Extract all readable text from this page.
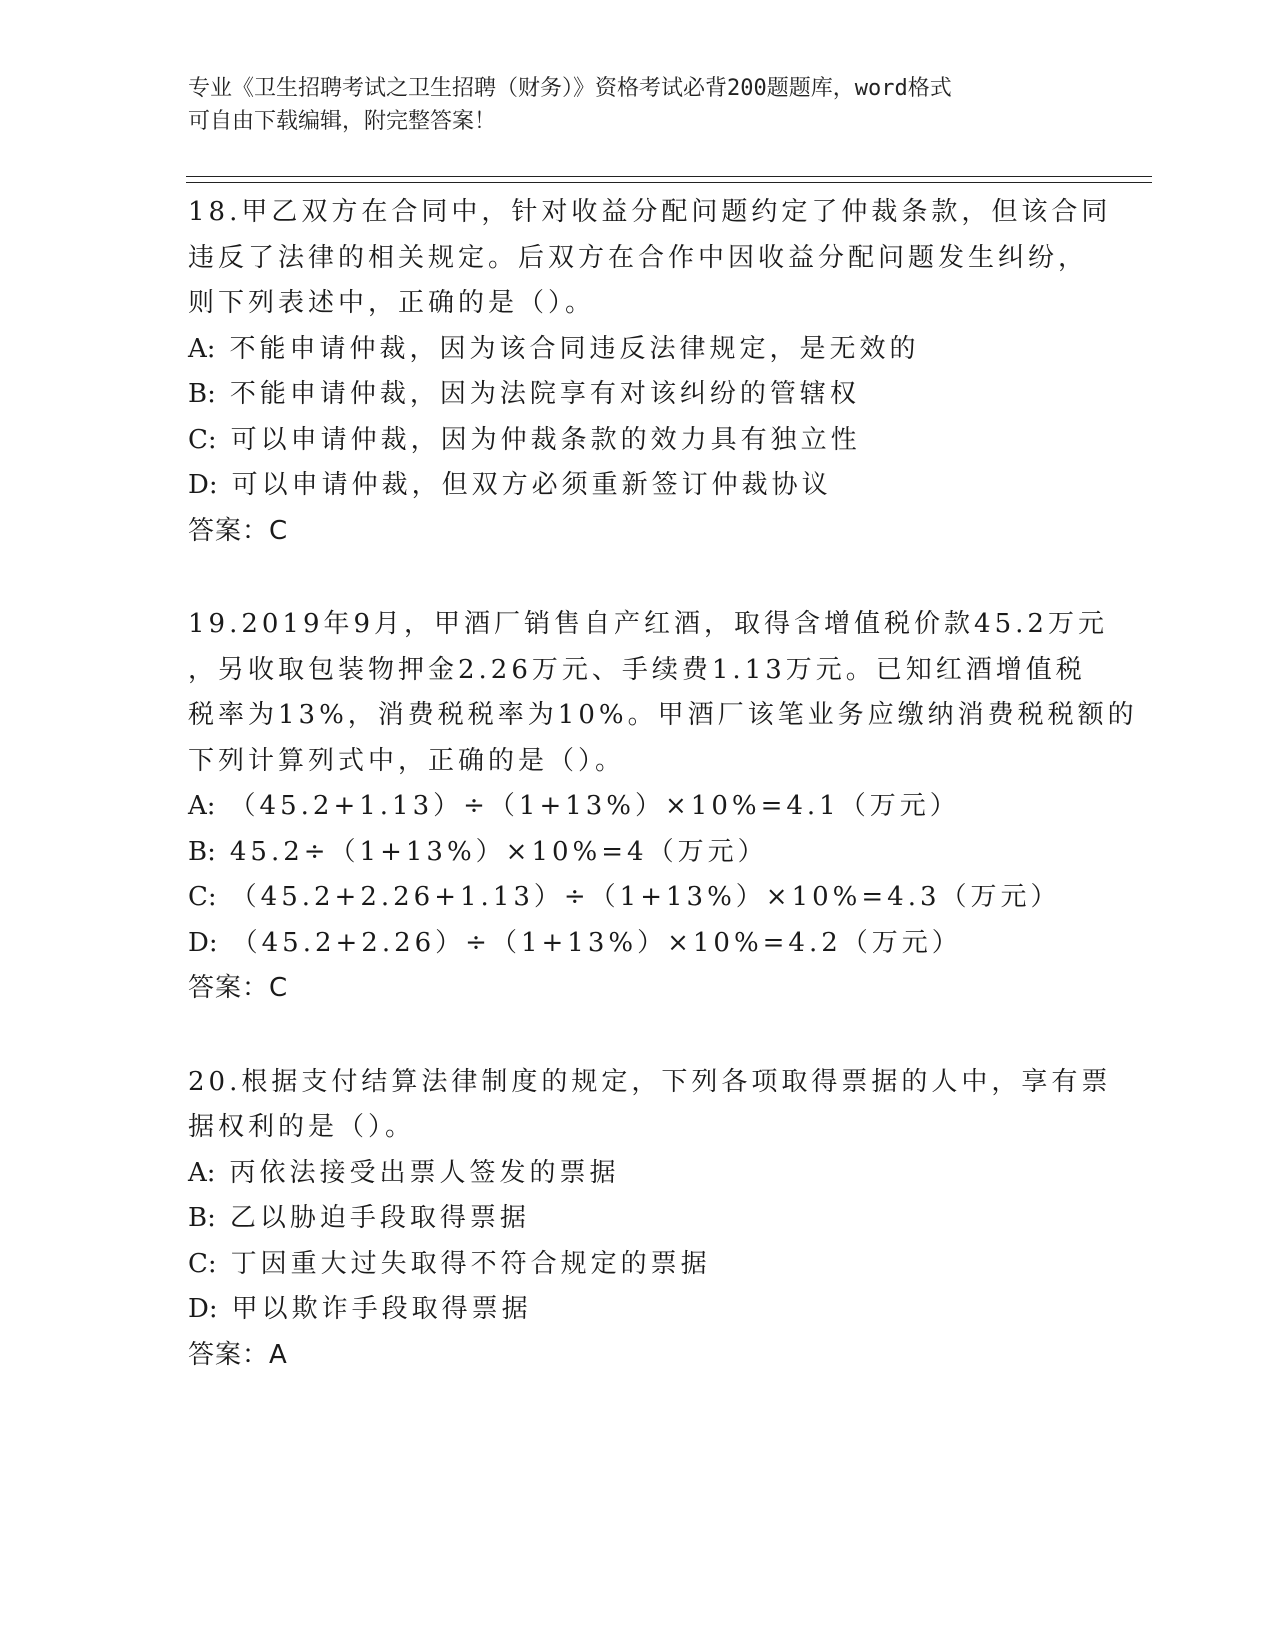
专业《卫生招聘考试之卫生招聘（财务）》资格考试必背200题题库，word格式
可自由下载编辑，附完整答案！
18.甲乙双方在合同中，针对收益分配问题约定了仲裁条款，但该合同
违反了法律的相关规定。后双方在合作中因收益分配问题发生纠纷，
则下列表述中，正确的是（）。
A: 不能申请仲裁，因为该合同违反法律规定，是无效的
B: 不能申请仲裁，因为法院享有对该纠纷的管辖权
C: 可以申请仲裁，因为仲裁条款的效力具有独立性
D: 可以申请仲裁，但双方必须重新签订仲裁协议
答案：C
19.2019年9月，甲酒厂销售自产红酒，取得含增值税价款45.2万元
，另收取包装物押金2.26万元、手续费1.13万元。已知红酒增值税
税率为13%，消费税税率为10%。甲酒厂该笔业务应缴纳消费税税额的
下列计算列式中，正确的是（）。
A: （45.2+1.13）÷（1+13%）×10%=4.1（万元）
B: 45.2÷（1+13%）×10%=4（万元）
C: （45.2+2.26+1.13）÷（1+13%）×10%=4.3（万元）
D: （45.2+2.26）÷（1+13%）×10%=4.2（万元）
答案：C
20.根据支付结算法律制度的规定，下列各项取得票据的人中，享有票
据权利的是（）。
A: 丙依法接受出票人签发的票据
B: 乙以胁迫手段取得票据
C: 丁因重大过失取得不符合规定的票据
D: 甲以欺诈手段取得票据
答案：A
